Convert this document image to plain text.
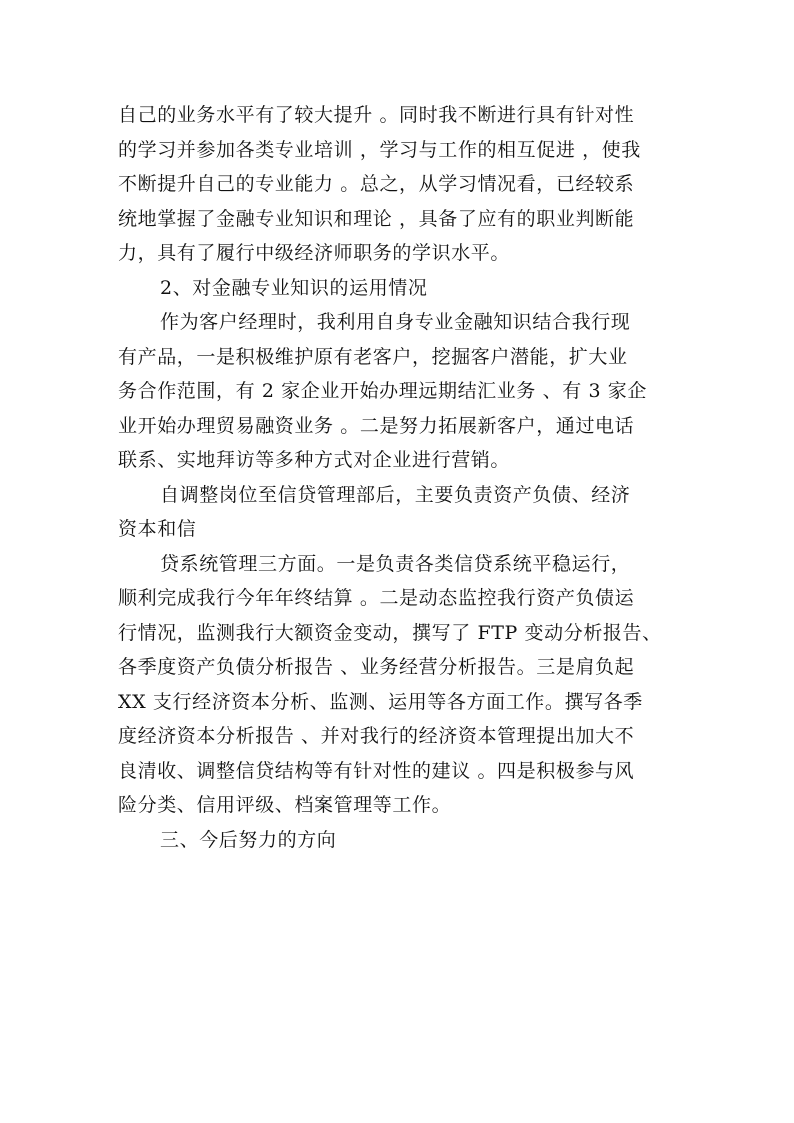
自己的业务水平有了较大提升 。同时我不断进行具有针对性
的学习并参加各类专业培训 ，学习与工作的相互促进 ，使我
不断提升自己的专业能力 。总之，从学习情况看，已经较系
统地掌握了金融专业知识和理论 ，具备了应有的职业判断能
力，具有了履行中级经济师职务的学识水平。
2、对金融专业知识的运用情况
作为客户经理时，我利用自身专业金融知识结合我行现
有产品，一是积极维护原有老客户，挖掘客户潜能，扩大业
务合作范围，有 2 家企业开始办理远期结汇业务 、有 3 家企
业开始办理贸易融资业务 。二是努力拓展新客户，通过电话
联系、实地拜访等多种方式对企业进行营销。
自调整岗位至信贷管理部后，主要负责资产负债、经济
资本和信
贷系统管理三方面。一是负责各类信贷系统平稳运行，
顺利完成我行今年年终结算 。二是动态监控我行资产负债运
行情况，监测我行大额资金变动，撰写了 FTP 变动分析报告、
各季度资产负债分析报告 、业务经营分析报告。三是肩负起
XX 支行经济资本分析、监测、运用等各方面工作。撰写各季
度经济资本分析报告 、并对我行的经济资本管理提出加大不
良清收、调整信贷结构等有针对性的建议 。四是积极参与风
险分类、信用评级、档案管理等工作。
三、今后努力的方向
